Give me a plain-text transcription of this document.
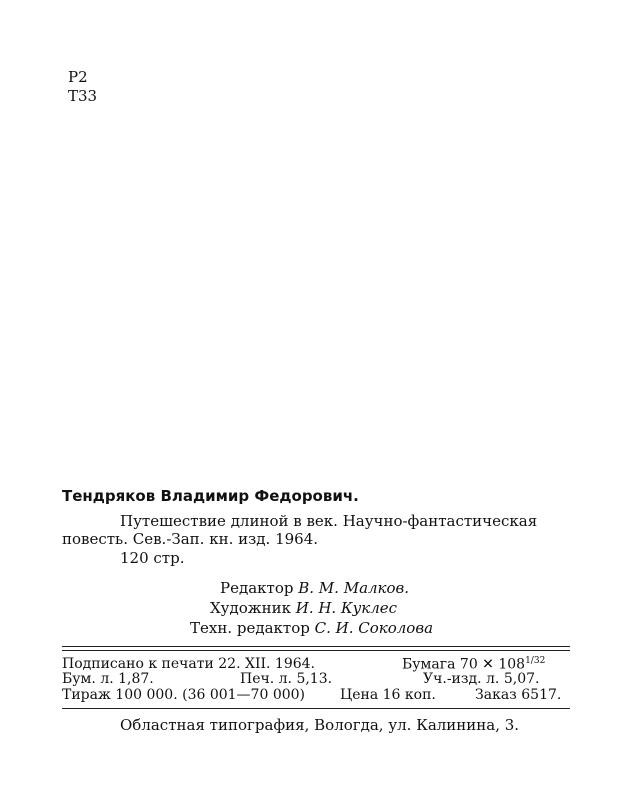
Р2
Т33
Тендряков Владимир Федорович.
Путешествие длиной в век. Научно-фантастическая
повесть. Сев.-Зап. кн. изд. 1964.
120 стр.
Редактор В. М. Малков.
Художник И. Н. Куклес
Техн. редактор С. И. Соколова
Подписано к печати 22. XII. 1964.	Бумага 70 ✕ $108^{1/32}$
Бум. л. 1,87.	Печ. л. 5,13.	Уч.-изд. л. 5,07.
Тираж 100 000. (36 001—70 000)	Цена 16 коп.	Заказ 6517.
Областная типография, Вологда, ул. Калинина, 3.
